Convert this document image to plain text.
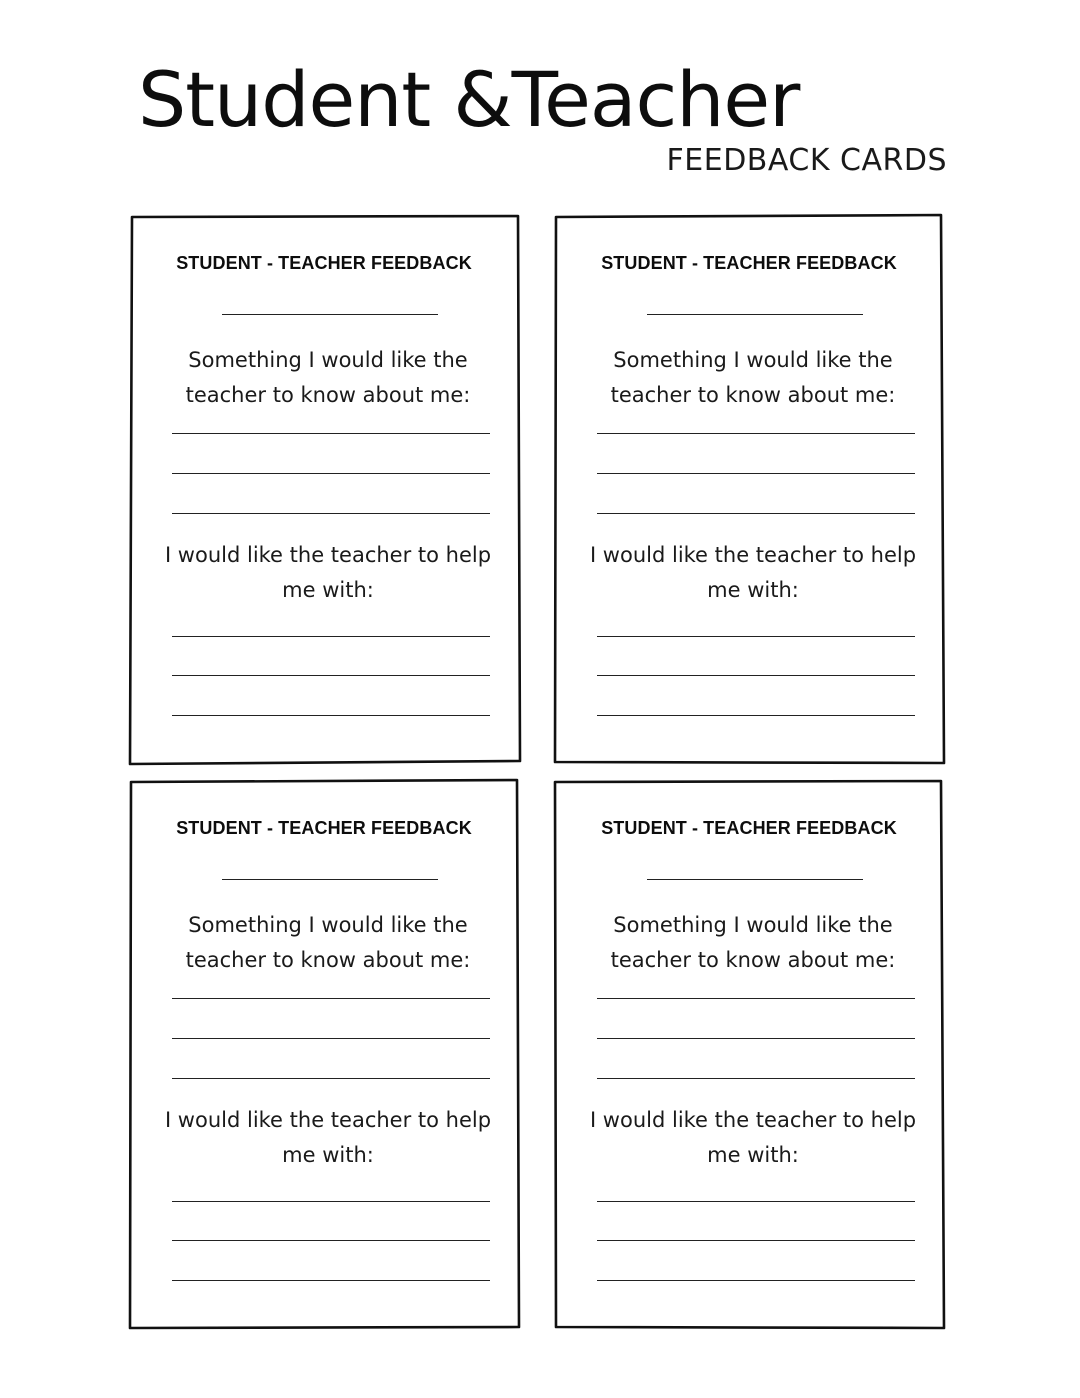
Student &Teacher
FEEDBACK CARDS
STUDENT - TEACHER FEEDBACK
Something I would like the teacher to know about me:
I would like the teacher to help me with:
STUDENT - TEACHER FEEDBACK
Something I would like the teacher to know about me:
I would like the teacher to help me with:
STUDENT - TEACHER FEEDBACK
Something I would like the teacher to know about me:
I would like the teacher to help me with:
STUDENT - TEACHER FEEDBACK
Something I would like the teacher to know about me:
I would like the teacher to help me with:
